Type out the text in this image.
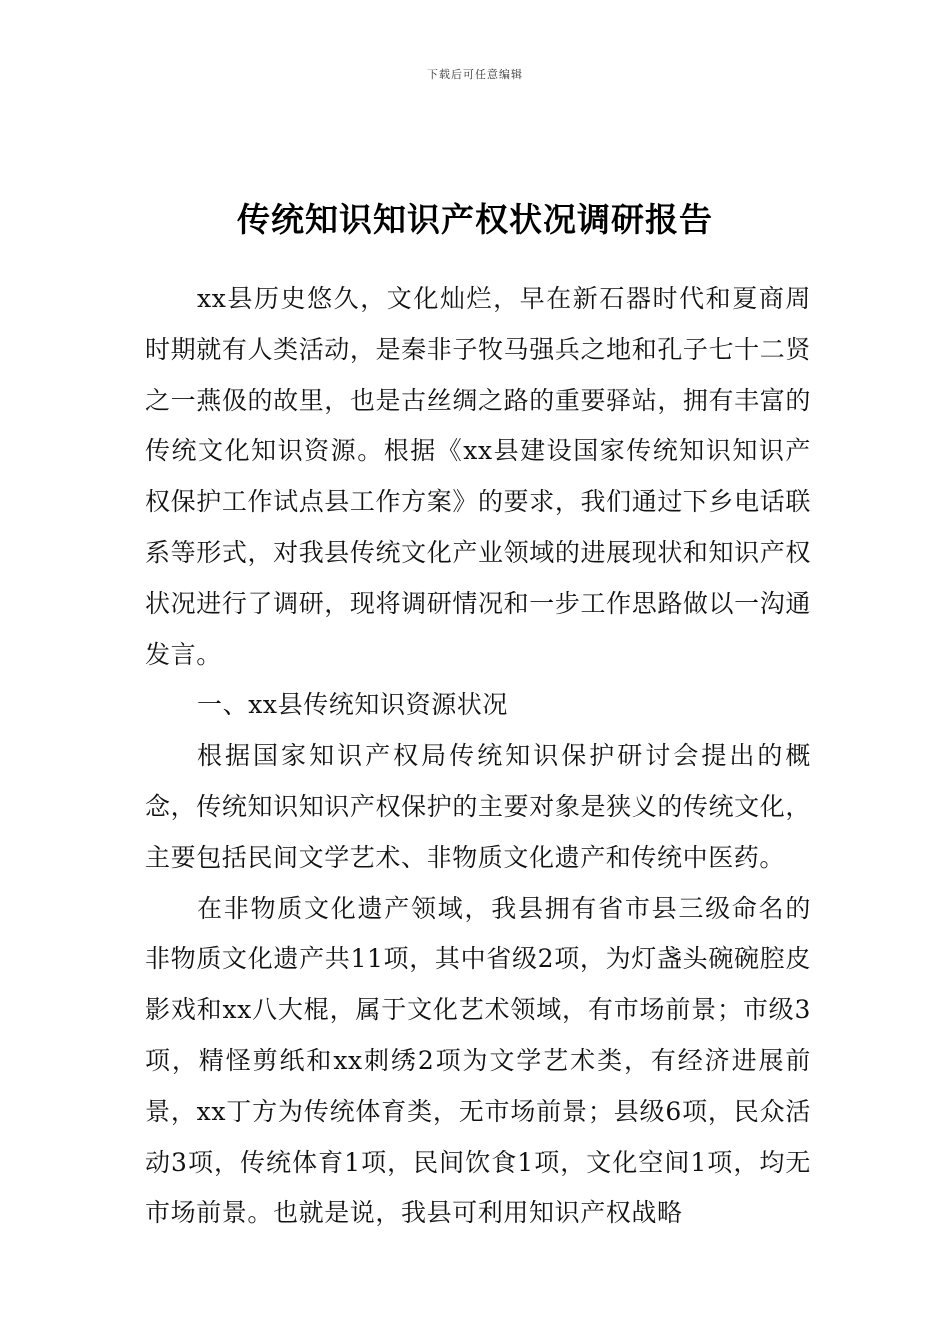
下载后可任意编辑
传统知识知识产权状况调研报告

xx县历史悠久，文化灿烂，早在新石器时代和夏商周时期就有人类活动，是秦非子牧马强兵之地和孔子七十二贤之一燕伋的故里，也是古丝绸之路的重要驿站，拥有丰富的传统文化知识资源。根据《xx县建设国家传统知识知识产权保护工作试点县工作方案》的要求，我们通过下乡电话联系等形式，对我县传统文化产业领域的进展现状和知识产权状况进行了调研，现将调研情况和一步工作思路做以一沟通发言。

一、xx县传统知识资源状况

根据国家知识产权局传统知识保护研讨会提出的概念，传统知识知识产权保护的主要对象是狭义的传统文化，主要包括民间文学艺术、非物质文化遗产和传统中医药。

在非物质文化遗产领域，我县拥有省市县三级命名的非物质文化遗产共11项，其中省级2项，为灯盏头碗碗腔皮影戏和xx八大棍，属于文化艺术领域，有市场前景；市级3项，精怪剪纸和xx刺绣2项为文学艺术类，有经济进展前景，xx丁方为传统体育类，无市场前景；县级6项，民众活动3项，传统体育1项，民间饮食1项，文化空间1项，均无市场前景。也就是说，我县可利用知识产权战略
